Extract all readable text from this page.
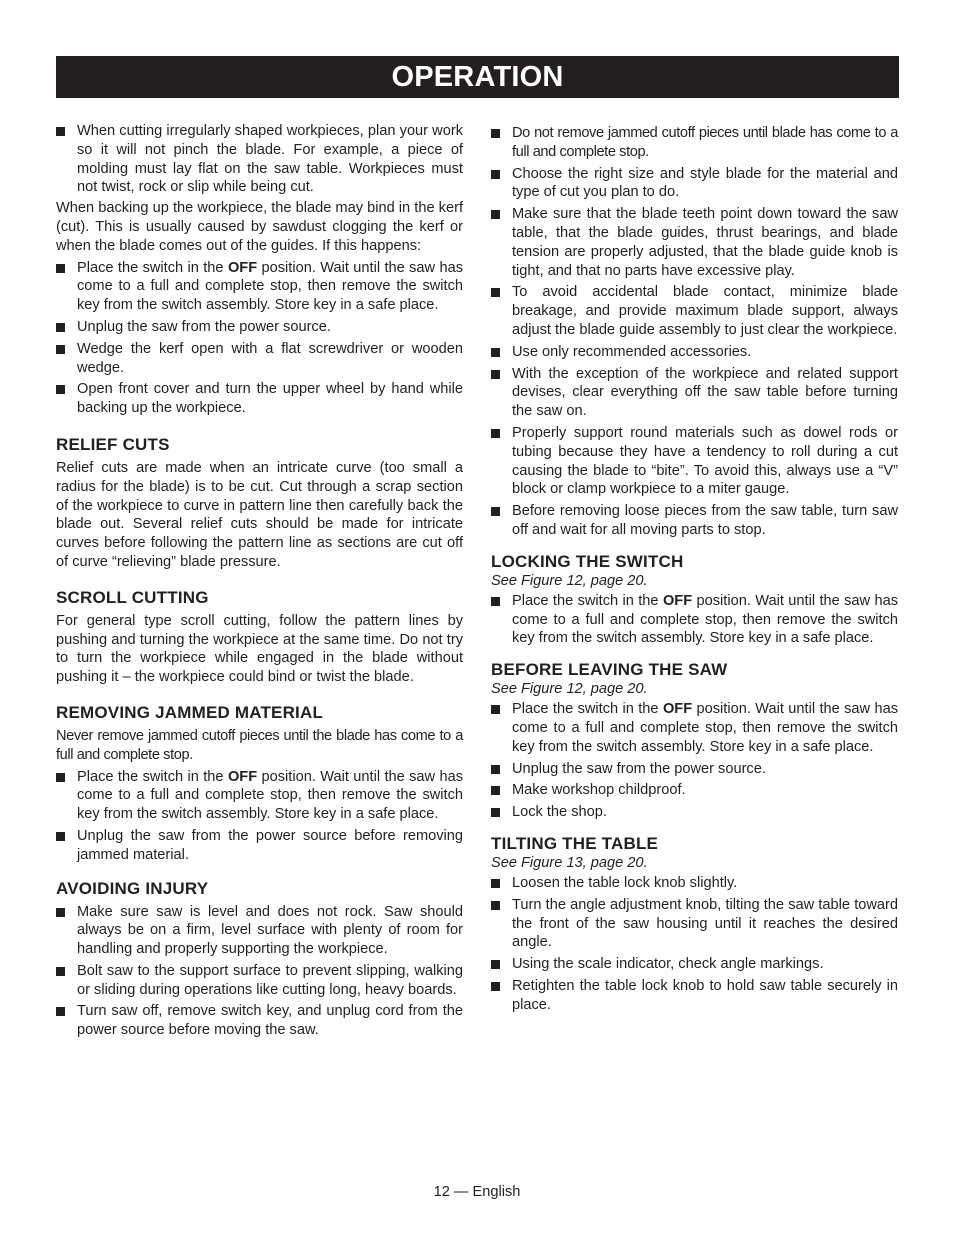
OPERATION
When cutting irregularly shaped workpieces, plan your work so it will not pinch the blade. For example, a piece of molding must lay flat on the saw table. Workpieces must not twist, rock or slip while being cut.

When backing up the workpiece, the blade may bind in the kerf (cut). This is usually caused by sawdust clogging the kerf or when the blade comes out of the guides. If this happens:

Place the switch in the OFF position. Wait until the saw has come to a full and complete stop, then remove the switch key from the switch assembly. Store key in a safe place.
Unplug the saw from the power source.
Wedge the kerf open with a flat screwdriver or wooden wedge.
Open front cover and turn the upper wheel by hand while backing up the workpiece.
RELIEF CUTS

Relief cuts are made when an intricate curve (too small a radius for the blade) is to be cut. Cut through a scrap section of the workpiece to curve in pattern line then carefully back the blade out. Several relief cuts should be made for intricate curves before following the pattern line as sections are cut off of curve “relieving” blade pressure.

SCROLL CUTTING

For general type scroll cutting, follow the pattern lines by pushing and turning the workpiece at the same time. Do not try to turn the workpiece while engaged in the blade without pushing it – the workpiece could bind or twist the blade.

REMOVING JAMMED MATERIAL

Never remove jammed cutoff pieces until the blade has come to a full and complete stop.

Place the switch in the OFF position. Wait until the saw has come to a full and complete stop, then remove the switch key from the switch assembly. Store key in a safe place.
Unplug the saw from the power source before removing jammed material.
AVOIDING INJURY
Make sure saw is level and does not rock. Saw should always be on a firm, level surface with plenty of room for handling and properly supporting the workpiece.
Bolt saw to the support surface to prevent slipping, walking or sliding during operations like cutting long, heavy boards.
Turn saw off, remove switch key, and unplug cord from the power source before moving the saw.
Do not remove jammed cutoff pieces until blade has come to a full and complete stop.
Choose the right size and style blade for the material and type of cut you plan to do.
Make sure that the blade teeth point down toward the saw table, that the blade guides, thrust bearings, and blade tension are properly adjusted, that the blade guide knob is tight, and that no parts have excessive play.
To avoid accidental blade contact, minimize blade breakage, and provide maximum blade support, always adjust the blade guide assembly to just clear the workpiece.
Use only recommended accessories.
With the exception of the workpiece and related support devises, clear everything off the saw table before turning the saw on.
Properly support round materials such as dowel rods or tubing because they have a tendency to roll during a cut causing the blade to “bite”. To avoid this, always use a “V” block or clamp workpiece to a miter gauge.
Before removing loose pieces from the saw table, turn saw off and wait for all moving parts to stop.
LOCKING THE SWITCH

See Figure 12, page 20.

Place the switch in the OFF position. Wait until the saw has come to a full and complete stop, then remove the switch key from the switch assembly. Store key in a safe place.
BEFORE LEAVING THE SAW

See Figure 12, page 20.

Place the switch in the OFF position. Wait until the saw has come to a full and complete stop, then remove the switch key from the switch assembly. Store key in a safe place.
Unplug the saw from the power source.
Make workshop childproof.
Lock the shop.
TILTING THE TABLE

See Figure 13, page 20.

Loosen the table lock knob slightly.
Turn the angle adjustment knob, tilting the saw table toward the front of the saw housing until it reaches the desired angle.
Using the scale indicator, check angle markings.
Retighten the table lock knob to hold saw table securely in place.
12 — English
